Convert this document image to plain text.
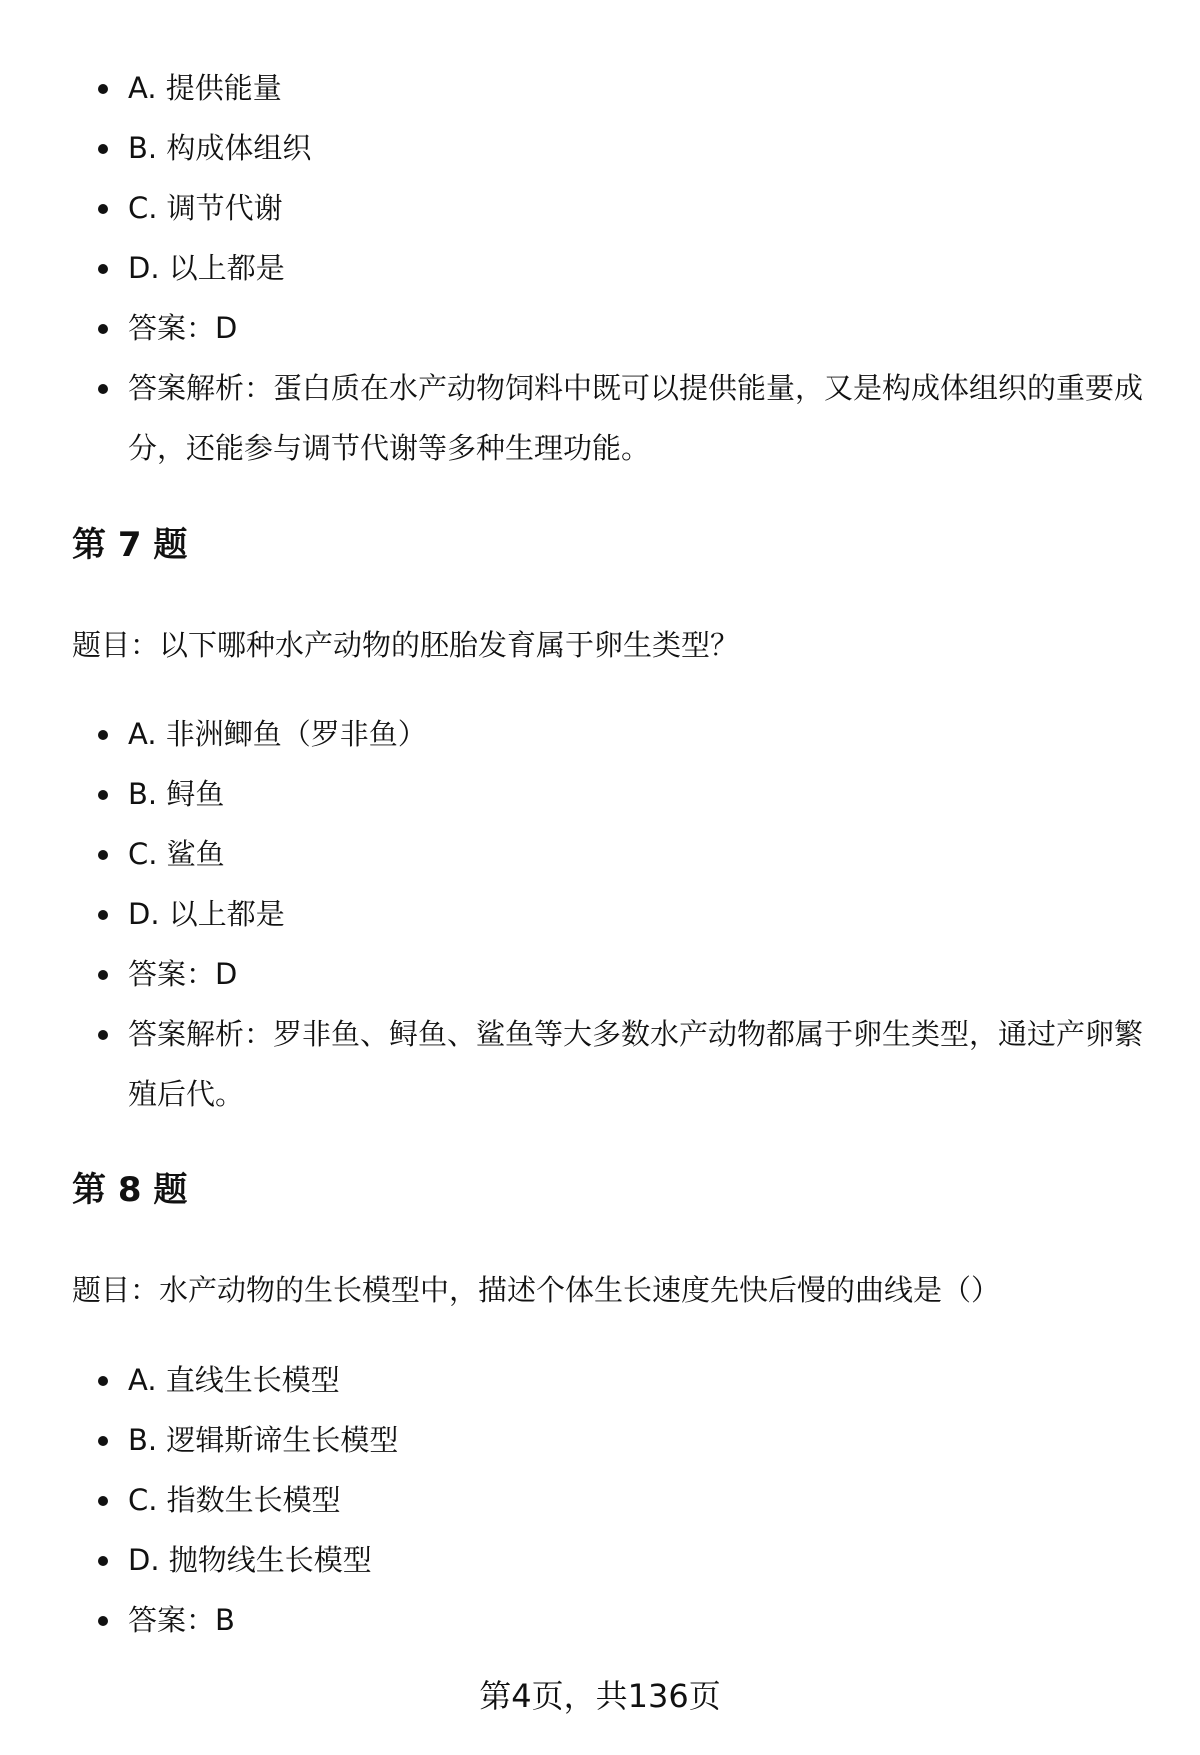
A. 提供能量
B. 构成体组织
C. 调节代谢
D. 以上都是
答案：D
答案解析：蛋白质在水产动物饲料中既可以提供能量，又是构成体组织的重要成分，还能参与调节代谢等多种生理功能。
第 7 题

题目：以下哪种水产动物的胚胎发育属于卵生类型？

A. 非洲鲫鱼（罗非鱼）
B. 鲟鱼
C. 鲨鱼
D. 以上都是
答案：D
答案解析：罗非鱼、鲟鱼、鲨鱼等大多数水产动物都属于卵生类型，通过产卵繁殖后代。
第 8 题

题目：水产动物的生长模型中，描述个体生长速度先快后慢的曲线是（）

A. 直线生长模型
B. 逻辑斯谛生长模型
C. 指数生长模型
D. 抛物线生长模型
答案：B
第4页，共136页
